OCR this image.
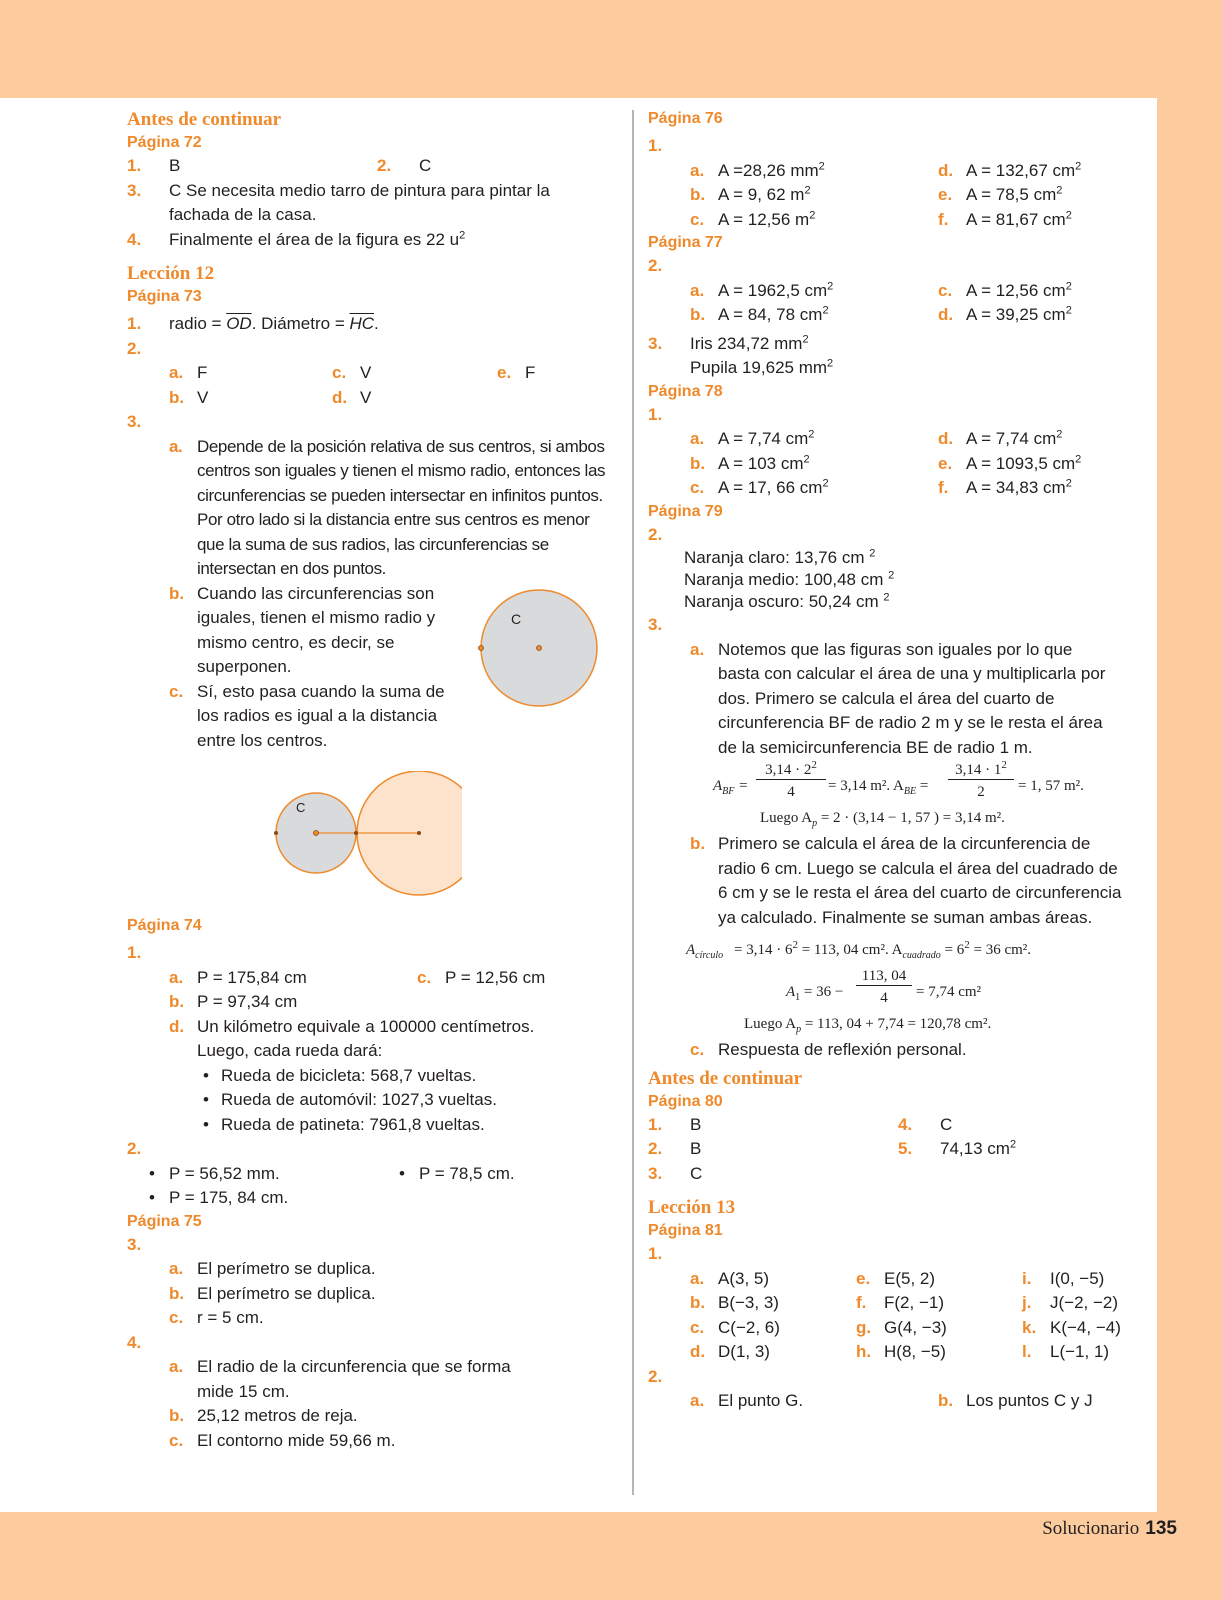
Antes de continuar
Página 72
1. B	2. C
3. C Se necesita medio tarro de pintura para pintar la fachada de la casa.
4. Finalmente el área de la figura es 22 $u^2$
Lección 12
Página 73
1. radio = $\overline{OD}$. Diámetro = $\overline{HC}$.
2.
a. F	c. V	e. F
b. V	d. V
3.
a. Depende de la posición relativa de sus centros, si ambos centros son iguales y tienen el mismo radio, entonces las circunferencias se pueden intersectar en infinitos puntos. Por otro lado si la distancia entre sus centros es menor que la suma de sus radios, las circunferencias se intersectan en dos puntos.
b. Cuando las circunferencias son iguales, tienen el mismo radio y mismo centro, es decir, se superponen.
c. Sí, esto pasa cuando la suma de los radios es igual a la distancia entre los centros.
C
C
Página 74
1.
a. P = 175,84 cm	c. P = 12,56 cm
b. P = 97,34 cm
d. Un kilómetro equivale a 100000 centímetros. Luego, cada rueda dará:
• Rueda de bicicleta: 568,7 vueltas.
• Rueda de automóvil: 1027,3 vueltas.
• Rueda de patineta: 7961,8 vueltas.
2.
• P = 56,52 mm.	• P = 78,5 cm.
• P = 175, 84 cm.
Página 75
3.
a. El perímetro se duplica.
b. El perímetro se duplica.
c. r = 5 cm.
4.
a. El radio de la circunferencia que se forma mide 15 cm.
b. 25,12 metros de reja.
c. El contorno mide 59,66 m.
Página 76
1.
a. A =28,26 $mm^2$	d. A = 132,67 $cm^2$
b. A = 9, 62 $m^2$	e. A = 78,5 $cm^2$
c. A = 12,56 $m^2$	f. A = 81,67 $cm^2$
Página 77
2.
a. A = 1962,5 $cm^2$	c. A = 12,56 $cm^2$
b. A = 84, 78 $cm^2$	d. A = 39,25 $cm^2$
3. Iris 234,72 $mm^2$
Pupila 19,625 $mm^2$
Página 78
1.
a. A = 7,74 $cm^2$	d. A = 7,74 $cm^2$
b. A = 103 $cm^2$	e. A = 1093,5 $cm^2$
c. A = 17, 66 $cm^2$	f. A = 34,83 $cm^2$
Página 79
2.
Naranja claro: 13,76 cm $^2$
Naranja medio: 100,48 cm $^2$
Naranja oscuro: 50,24 cm $^2$
3.
a. Notemos que las figuras son iguales por lo que basta con calcular el área de una y multiplicarla por dos. Primero se calcula el área del cuarto de circunferencia BF de radio 2 m y se le resta el área de la semicircunferencia BE de radio 1 m.
$A_{BF}$ =
$3,14 \cdot 2^2$
4	= 3,14 m². $A_{BE}$ =
$3,14 \cdot 1^2$
2	= 1, 57 m².
Luego $A_p = 2 \cdot (3,14 - 1$, 57 ) = 3,14 m².
b. Primero se calcula el área de la circunferencia de radio 6 cm. Luego se calcula el área del cuadrado de 6 cm y se le resta el área del cuarto de circunferencia ya calculado. Finalmente se suman ambas áreas.
$A_{círculo} = 3,14 \cdot 6^2 = 113$, 04 cm². $A_{cuadrado} = 6^2 = 36$ cm².
$A_1 = 36$ −
113, 04
4	= 7,74 cm²
Luego $A_p = 113$, 04 + 7,74 = 120,78 cm².
c. Respuesta de reflexión personal.
Antes de continuar
Página 80
1. B	4. C
2. B	5. 74,13 $cm^2$
3. C
Lección 13
Página 81
1.
a. A(3, 5)	e. E(5, 2)	i. I(0, −5)
b. B(−3, 3)	f. F(2, −1)	j. J(−2, −2)
c. C(−2, 6)	g. G(4, −3)	k. K(−4, −4)
d. D(1, 3)	h. H(8, −5)	l. L(−1, 1)
2.
a. El punto G.	b. Los puntos C y J
Solucionario 135
